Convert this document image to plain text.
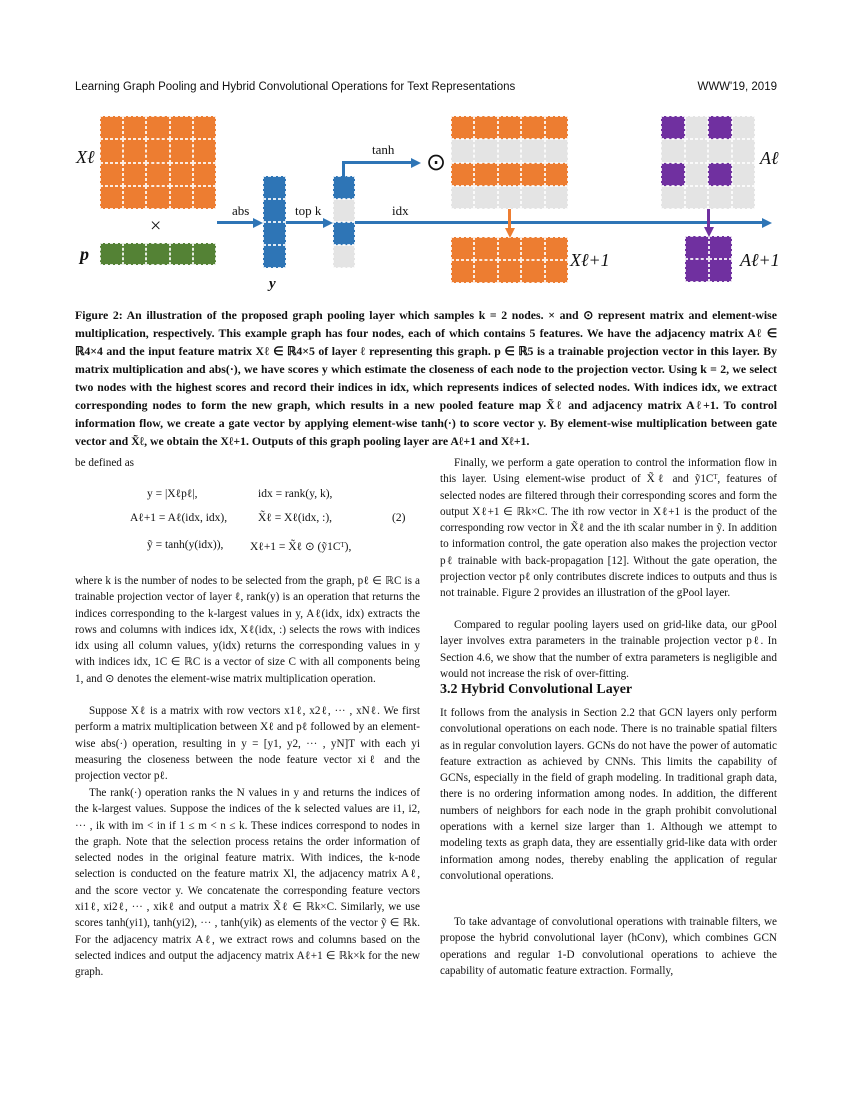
Learning Graph Pooling and Hybrid Convolutional Operations for Text Representations	WWW'19, 2019
Xℓ
p
×
y
abs	top k	idx
tanh
⊙
Xℓ+1
Aℓ
Aℓ+1
Figure 2: An illustration of the proposed graph pooling layer which samples k = 2 nodes. × and ⊙ represent matrix and element-wise multiplication, respectively. This example graph has four nodes, each of which contains 5 features. We have the adjacency matrix Aℓ ∈ ℝ4×4 and the input feature matrix Xℓ ∈ ℝ4×5 of layer ℓ representing this graph. p ∈ ℝ5 is a trainable projection vector in this layer. By matrix multiplication and abs(·), we have scores y which estimate the closeness of each node to the projection vector. Using k = 2, we select two nodes with the highest scores and record their indices in idx, which represents indices of selected nodes. With indices idx, we extract corresponding nodes to form the new graph, which results in a new pooled feature map X̃ℓ and adjacency matrix Aℓ+1. To control information flow, we create a gate vector by applying element-wise tanh(·) to score vector y. By element-wise multiplication between gate vector and X̃ℓ, we obtain the Xℓ+1. Outputs of this graph pooling layer are Aℓ+1 and Xℓ+1.
be defined as
y = |Xℓpℓ|,	idx = rank(y, k),
Aℓ+1 = Aℓ(idx, idx),	X̃ℓ = Xℓ(idx, :),	(2)
ỹ = tanh(y(idx)), Xℓ+1 = X̃ℓ ⊙ (ỹ1Cᵀ),
where k is the number of nodes to be selected from the graph, pℓ ∈ ℝC is a trainable projection vector of layer ℓ, rank(y) is an operation that returns the indices corresponding to the k-largest values in y, Aℓ(idx, idx) extracts the rows and columns with indices idx, Xℓ(idx, :) selects the rows with indices idx using all column values, y(idx) returns the corresponding values in y with indices idx, 1C ∈ ℝC is a vector of size C with all components being 1, and ⊙ denotes the element-wise matrix multiplication operation.
Suppose Xℓ is a matrix with row vectors x1ℓ, x2ℓ, ··· , xNℓ. We first perform a matrix multiplication between Xℓ and pℓ followed by an element-wise abs(·) operation, resulting in y = [y1, y2, ··· , yN]T with each yi measuring the closeness between the node feature vector xiℓ and the projection vector pℓ.
The rank(·) operation ranks the N values in y and returns the indices of the k-largest values. Suppose the indices of the k selected values are i1, i2, ··· , ik with im < in if 1 ≤ m < n ≤ k. These indices correspond to nodes in the graph. Note that the selection process retains the order information of selected nodes in the original feature matrix. With indices, the k-node selection is conducted on the feature matrix Xl, the adjacency matrix Aℓ, and the score vector y. We concatenate the corresponding feature vectors xi1ℓ, xi2ℓ, ··· , xikℓ and output a matrix X̃ℓ ∈ ℝk×C. Similarly, we use scores tanh(yi1), tanh(yi2), ··· , tanh(yik) as elements of the vector ỹ ∈ ℝk. For the adjacency matrix Aℓ, we extract rows and columns based on the selected indices and output the adjacency matrix Aℓ+1 ∈ ℝk×k for the new graph.
Finally, we perform a gate operation to control the information flow in this layer. Using element-wise product of X̃ℓ and ỹ1Cᵀ, features of selected nodes are filtered through their corresponding scores and form the output Xℓ+1 ∈ ℝk×C. The ith row vector in Xℓ+1 is the product of the corresponding row vector in X̃ℓ and the ith scalar number in ỹ. In addition to information control, the gate operation also makes the projection vector pℓ trainable with back-propagation [12]. Without the gate operation, the projection vector pℓ only contributes discrete indices to outputs and thus is not trainable. Figure 2 provides an illustration of the gPool layer.
Compared to regular pooling layers used on grid-like data, our gPool layer involves extra parameters in the trainable projection vector pℓ. In Section 4.6, we show that the number of extra parameters is negligible and would not increase the risk of over-fitting.
3.2 Hybrid Convolutional Layer
It follows from the analysis in Section 2.2 that GCN layers only perform convolutional operations on each node. There is no trainable spatial filters as in regular convolution layers. GCNs do not have the power of automatic feature extraction as achieved by CNNs. This limits the capability of GCNs, especially in the field of graph modeling. In traditional graph data, there is no ordering information among nodes. In addition, the different numbers of neighbors for each node in the graph prohibit convolutional operations with a kernel size larger than 1. Although we attempt to modeling texts as graph data, they are essentially grid-like data with order information among nodes, thereby enabling the application of regular convolutional operations.
To take advantage of convolutional operations with trainable filters, we propose the hybrid convolutional layer (hConv), which combines GCN operations and regular 1-D convolutional operations to achieve the capability of automatic feature extraction. Formally,
